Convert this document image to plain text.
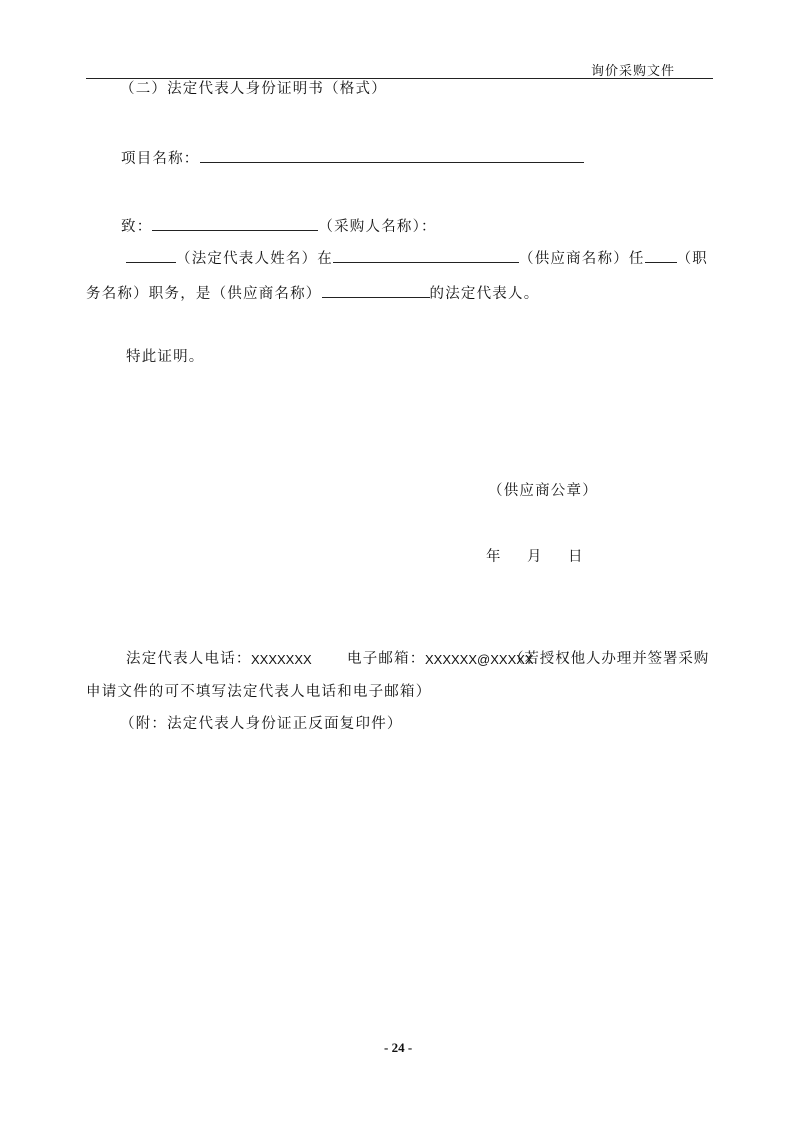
询价采购文件
（二）法定代表人身份证明书（格式）
项目名称：
致：	（采购人名称）：
（法定代表人姓名）在	（供应商名称）任 （职
务名称）职务，是（供应商名称）	的法定代表人。
特此证明。
（供应商公章）
年 月 日
法定代表人电话： XXXXXXX 电子邮箱： XXXXXX@XXXXX
（若授权他人办理并签署采购
申请文件的可不填写法定代表人电话和电子邮箱）
（附：法定代表人身份证正反面复印件）
- 24 -
